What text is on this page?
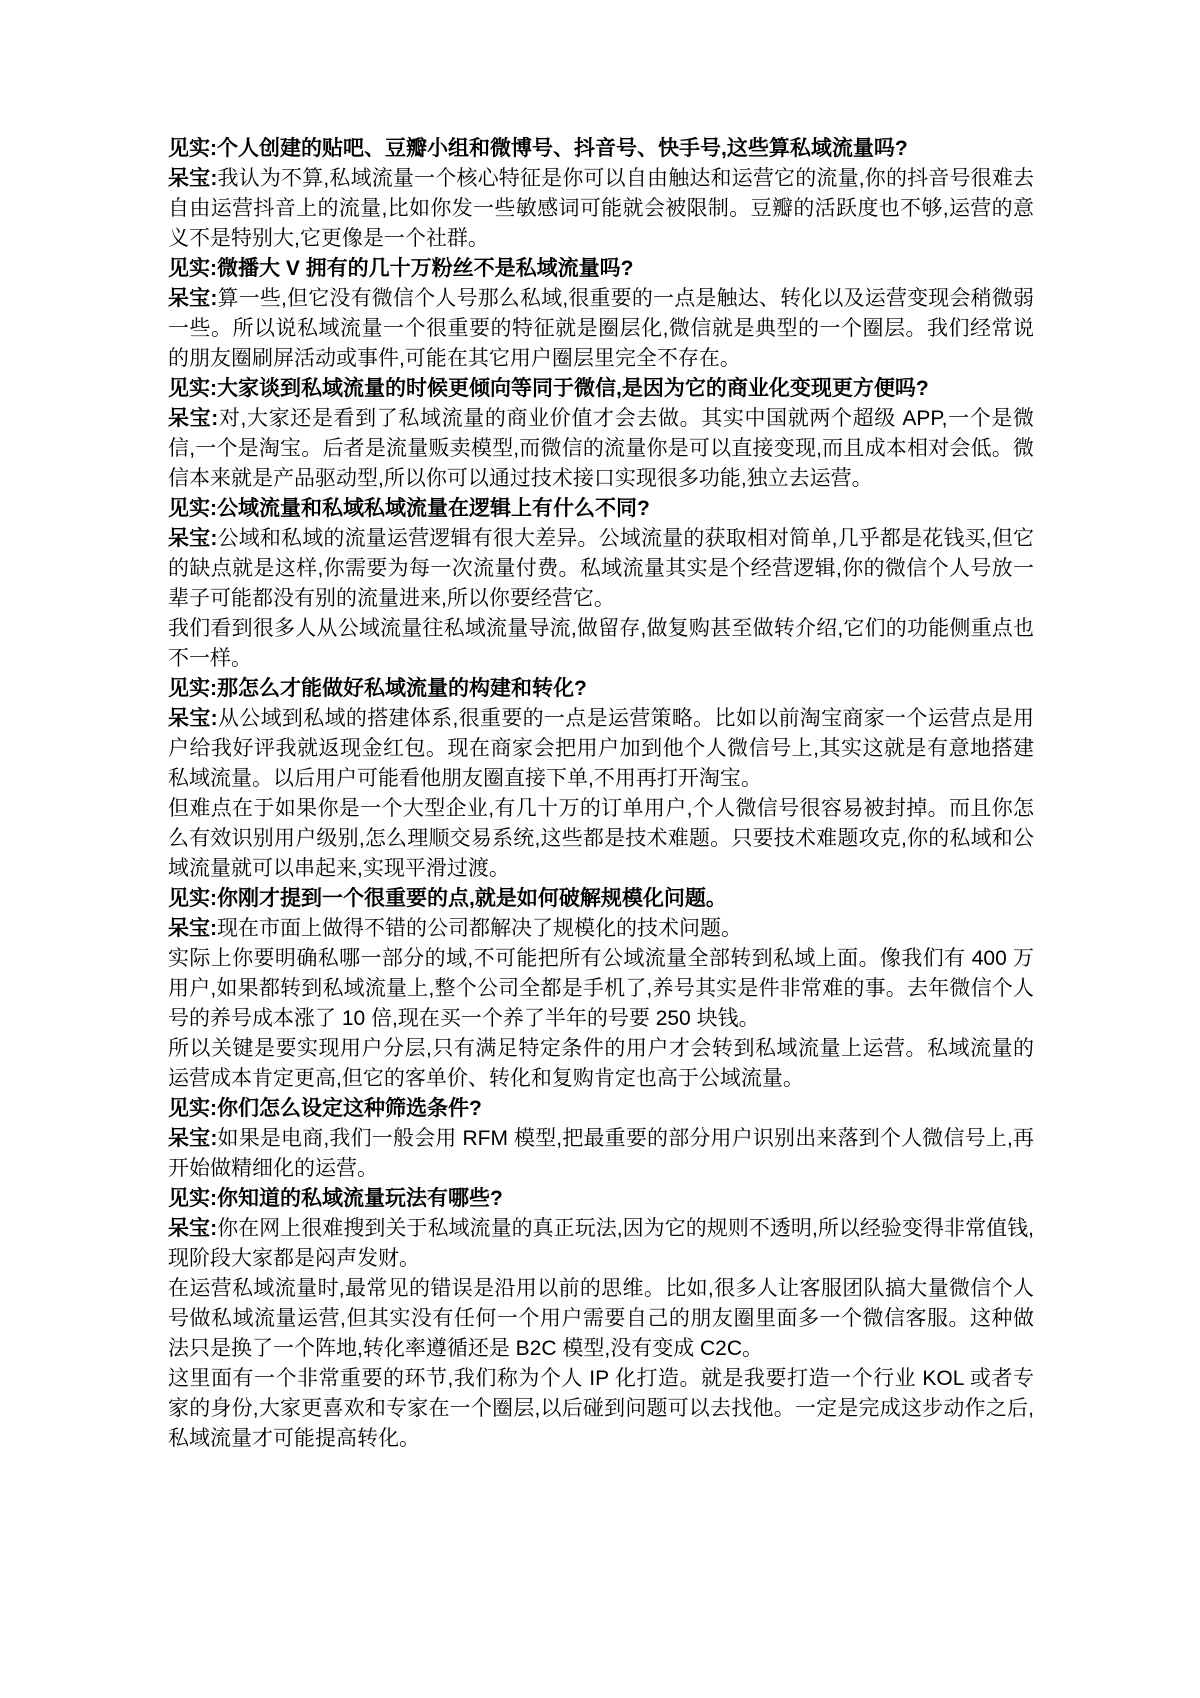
见实:个人创建的贴吧、豆瓣小组和微博号、抖音号、快手号,这些算私域流量吗?

呆宝:我认为不算,私域流量一个核心特征是你可以自由触达和运营它的流量,你的抖音号很难去自由运营抖音上的流量,比如你发一些敏感词可能就会被限制。豆瓣的活跃度也不够,运营的意义不是特别大,它更像是一个社群。

见实:微播大 V 拥有的几十万粉丝不是私域流量吗?

呆宝:算一些,但它没有微信个人号那么私域,很重要的一点是触达、转化以及运营变现会稍微弱一些。所以说私域流量一个很重要的特征就是圈层化,微信就是典型的一个圈层。我们经常说的朋友圈刷屏活动或事件,可能在其它用户圈层里完全不存在。

见实:大家谈到私域流量的时候更倾向等同于微信,是因为它的商业化变现更方便吗?

呆宝:对,大家还是看到了私域流量的商业价值才会去做。其实中国就两个超级 APP,一个是微信,一个是淘宝。后者是流量贩卖模型,而微信的流量你是可以直接变现,而且成本相对会低。微信本来就是产品驱动型,所以你可以通过技术接口实现很多功能,独立去运营。

见实:公域流量和私域私域流量在逻辑上有什么不同?

呆宝:公域和私域的流量运营逻辑有很大差异。公域流量的获取相对简单,几乎都是花钱买,但它的缺点就是这样,你需要为每一次流量付费。私域流量其实是个经营逻辑,你的微信个人号放一辈子可能都没有别的流量进来,所以你要经营它。

我们看到很多人从公域流量往私域流量导流,做留存,做复购甚至做转介绍,它们的功能侧重点也不一样。

见实:那怎么才能做好私域流量的构建和转化?

呆宝:从公域到私域的搭建体系,很重要的一点是运营策略。比如以前淘宝商家一个运营点是用户给我好评我就返现金红包。现在商家会把用户加到他个人微信号上,其实这就是有意地搭建私域流量。以后用户可能看他朋友圈直接下单,不用再打开淘宝。

但难点在于如果你是一个大型企业,有几十万的订单用户,个人微信号很容易被封掉。而且你怎么有效识别用户级别,怎么理顺交易系统,这些都是技术难题。只要技术难题攻克,你的私域和公域流量就可以串起来,实现平滑过渡。

见实:你刚才提到一个很重要的点,就是如何破解规模化问题。

呆宝:现在市面上做得不错的公司都解决了规模化的技术问题。

实际上你要明确私哪一部分的域,不可能把所有公域流量全部转到私域上面。像我们有 400 万用户,如果都转到私域流量上,整个公司全都是手机了,养号其实是件非常难的事。去年微信个人号的养号成本涨了 10 倍,现在买一个养了半年的号要 250 块钱。

所以关键是要实现用户分层,只有满足特定条件的用户才会转到私域流量上运营。私域流量的运营成本肯定更高,但它的客单价、转化和复购肯定也高于公域流量。

见实:你们怎么设定这种筛选条件?

呆宝:如果是电商,我们一般会用 RFM 模型,把最重要的部分用户识别出来落到个人微信号上,再开始做精细化的运营。

见实:你知道的私域流量玩法有哪些?

呆宝:你在网上很难搜到关于私域流量的真正玩法,因为它的规则不透明,所以经验变得非常值钱,现阶段大家都是闷声发财。

在运营私域流量时,最常见的错误是沿用以前的思维。比如,很多人让客服团队搞大量微信个人号做私域流量运营,但其实没有任何一个用户需要自己的朋友圈里面多一个微信客服。这种做法只是换了一个阵地,转化率遵循还是 B2C 模型,没有变成 C2C。

这里面有一个非常重要的环节,我们称为个人 IP 化打造。就是我要打造一个行业 KOL 或者专家的身份,大家更喜欢和专家在一个圈层,以后碰到问题可以去找他。一定是完成这步动作之后,私域流量才可能提高转化。
